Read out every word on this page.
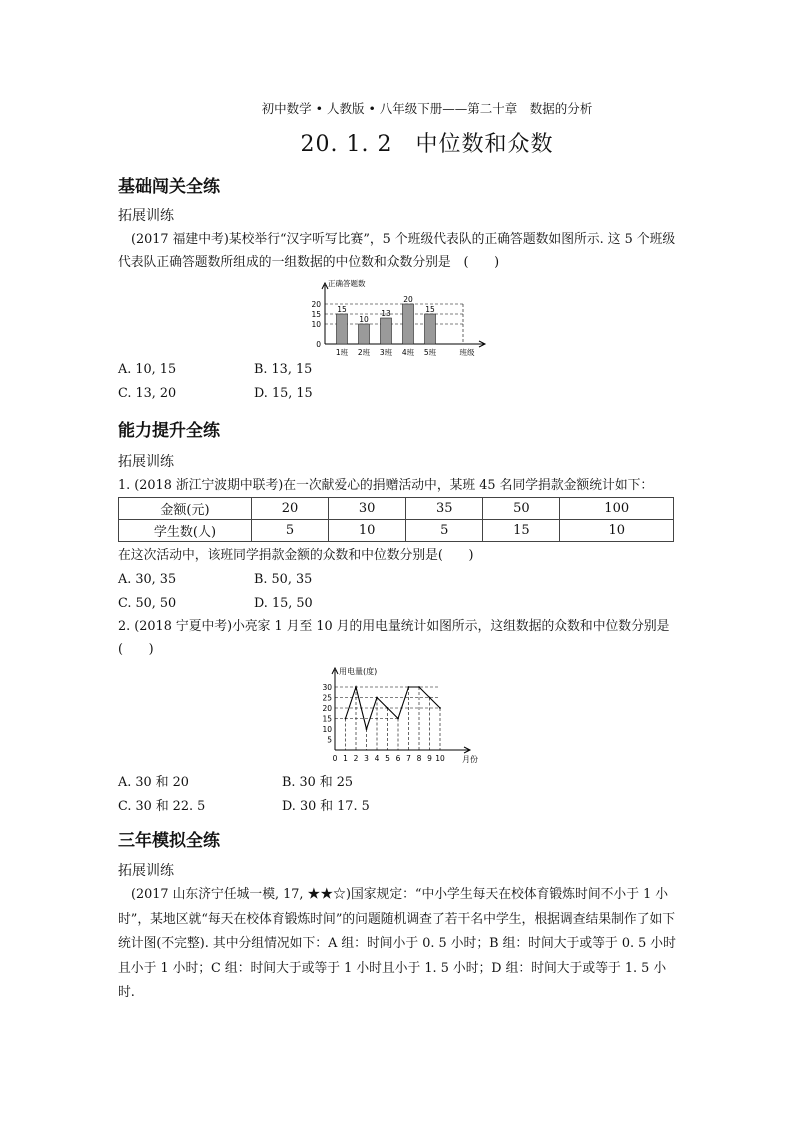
初中数学 • 人教版 • 八年级下册——第二十章　数据的分析
20. 1. 2　中位数和众数
基础闯关全练
拓展训练
(2017 福建中考)某校举行“汉字听写比赛”，5 个班级代表队的正确答题数如图所示. 这 5 个班级代表队正确答题数所组成的一组数据的中位数和众数分别是　(　　)
正确答题数
班级
0
10
15
20
15
1班
10
2班
13
3班
20
4班
15
5班
A. 10, 15	B. 13, 15
C. 13, 20	D. 15, 15
能力提升全练
拓展训练
1. (2018 浙江宁波期中联考)在一次献爱心的捐赠活动中，某班 45 名同学捐款金额统计如下：
金额(元)	20	30	35	50	100
学生数(人)	5	10	5	15	10
在这次活动中，该班同学捐款金额的众数和中位数分别是(　　)
A. 30, 35	B. 50, 35
C. 50, 50	D. 15, 50
2. (2018 宁夏中考)小亮家 1 月至 10 月的用电量统计如图所示，这组数据的众数和中位数分别是(　　)
用电量(度)
月份
5
10
15
20
25
30
0 1 2 3 4 5 6 7 8 9 10
A. 30 和 20	B. 30 和 25
C. 30 和 22. 5	D. 30 和 17. 5
三年模拟全练
拓展训练
(2017 山东济宁任城一模, 17, ★★☆)国家规定：“中小学生每天在校体育锻炼时间不小于 1 小时”，某地区就“每天在校体育锻炼时间”的问题随机调查了若干名中学生，根据调查结果制作了如下统计图(不完整). 其中分组情况如下：A 组：时间小于 0. 5 小时；B 组：时间大于或等于 0. 5 小时且小于 1 小时；C 组：时间大于或等于 1 小时且小于 1. 5 小时；D 组：时间大于或等于 1. 5 小时.
